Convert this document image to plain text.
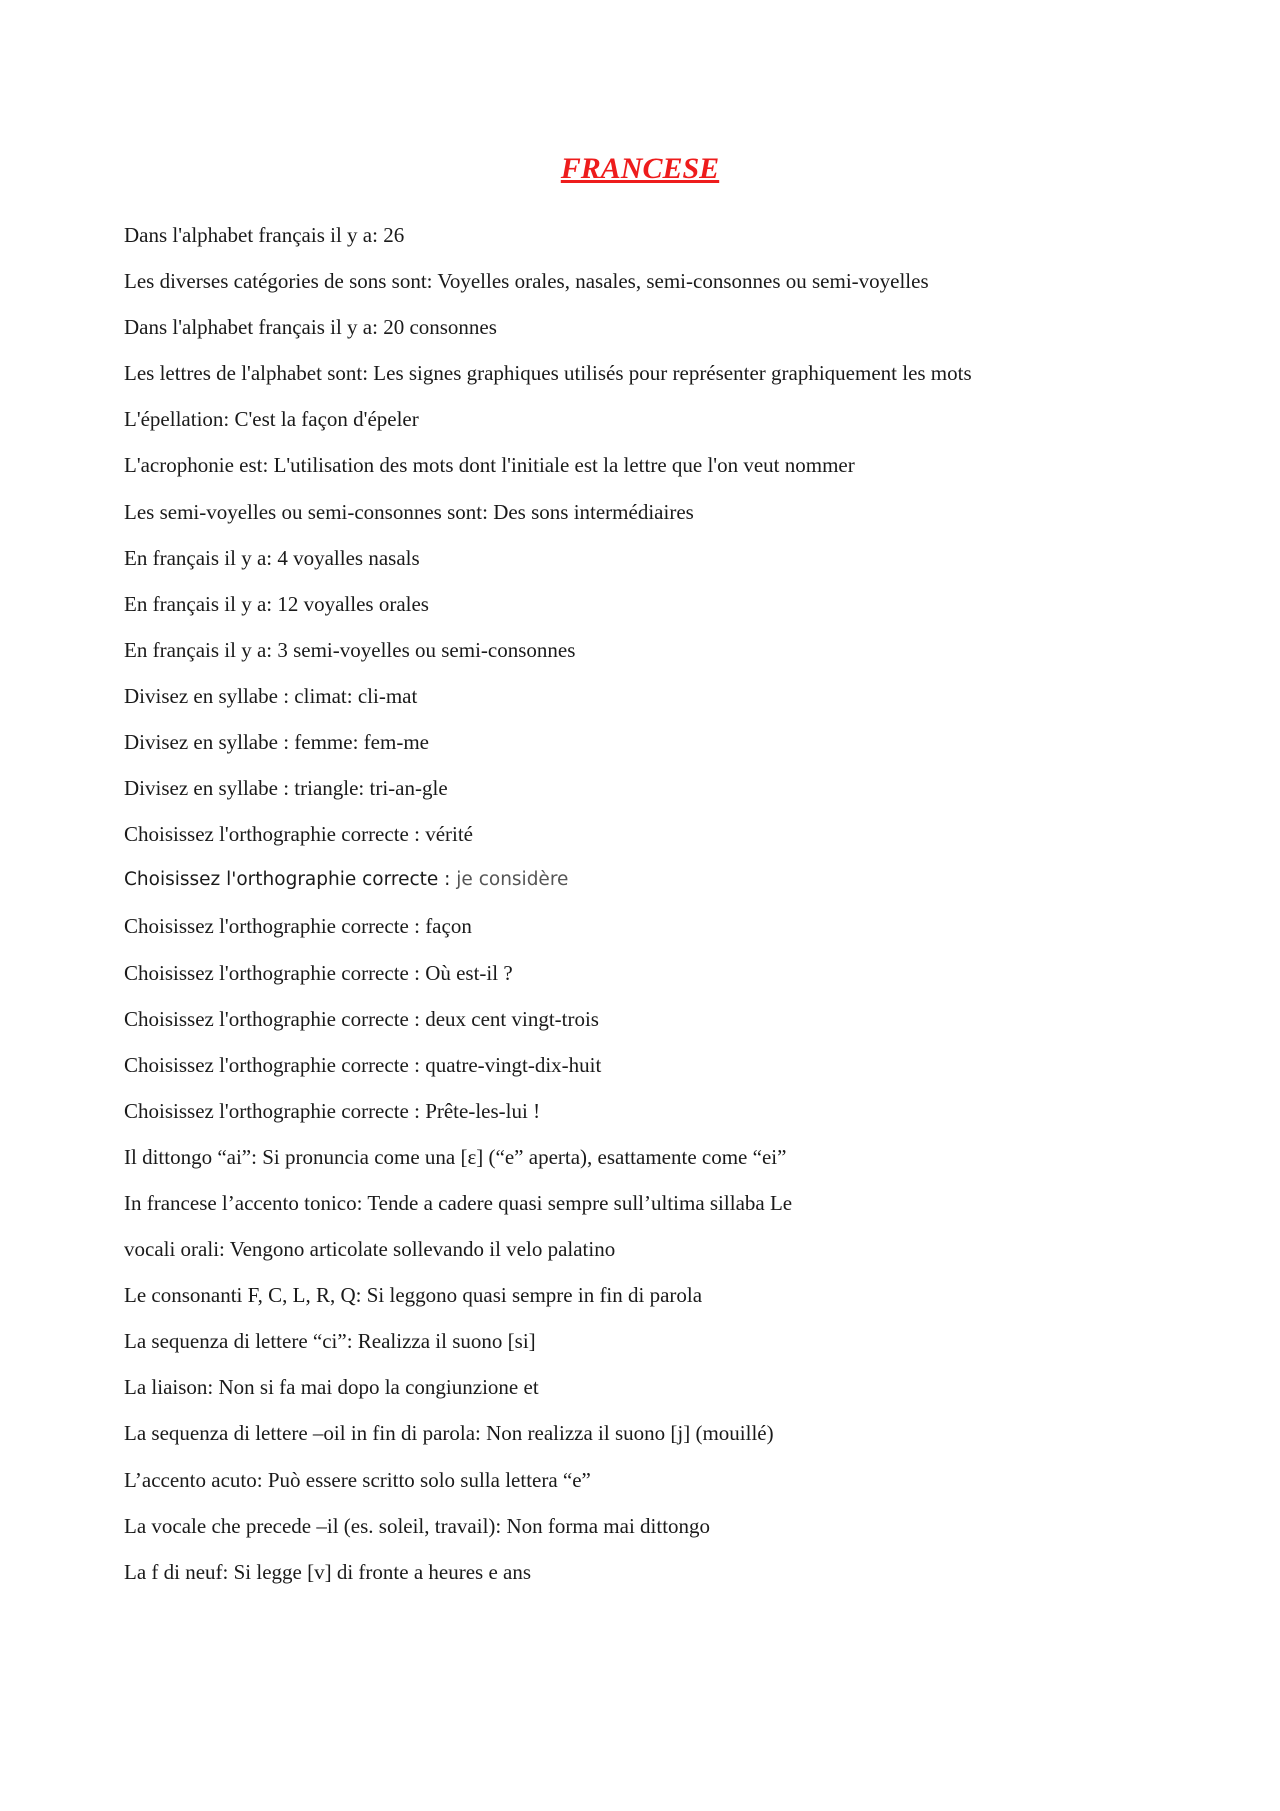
FRANCESE
Dans l'alphabet français il y a: 26
Les diverses catégories de sons sont: Voyelles orales, nasales, semi-consonnes ou semi-voyelles
Dans l'alphabet français il y a: 20 consonnes
Les lettres de l'alphabet sont: Les signes graphiques utilisés pour représenter graphiquement les mots
L'épellation: C'est la façon d'épeler
L'acrophonie est: L'utilisation des mots dont l'initiale est la lettre que l'on veut nommer
Les semi-voyelles ou semi-consonnes sont: Des sons intermédiaires
En français il y a: 4 voyalles nasals
En français il y a: 12 voyalles orales
En français il y a: 3 semi-voyelles ou semi-consonnes
Divisez en syllabe : climat: cli-mat
Divisez en syllabe : femme: fem-me
Divisez en syllabe : triangle: tri-an-gle
Choisissez l'orthographie correcte : vérité
Choisissez l'orthographie correcte : je considère
Choisissez l'orthographie correcte : façon
Choisissez l'orthographie correcte : Où est-il ?
Choisissez l'orthographie correcte : deux cent vingt-trois
Choisissez l'orthographie correcte : quatre-vingt-dix-huit
Choisissez l'orthographie correcte : Prête-les-lui !
Il dittongo “ai”: Si pronuncia come una [ε] (“e” aperta), esattamente come “ei”
In francese l’accento tonico: Tende a cadere quasi sempre sull’ultima sillaba Le
vocali orali: Vengono articolate sollevando il velo palatino
Le consonanti F, C, L, R, Q: Si leggono quasi sempre in fin di parola
La sequenza di lettere “ci”: Realizza il suono [si]
La liaison: Non si fa mai dopo la congiunzione et
La sequenza di lettere –oil in fin di parola: Non realizza il suono [j] (mouillé)
L’accento acuto: Può essere scritto solo sulla lettera “e”
La vocale che precede –il (es. soleil, travail): Non forma mai dittongo
La f di neuf: Si legge [v] di fronte a heures e ans
